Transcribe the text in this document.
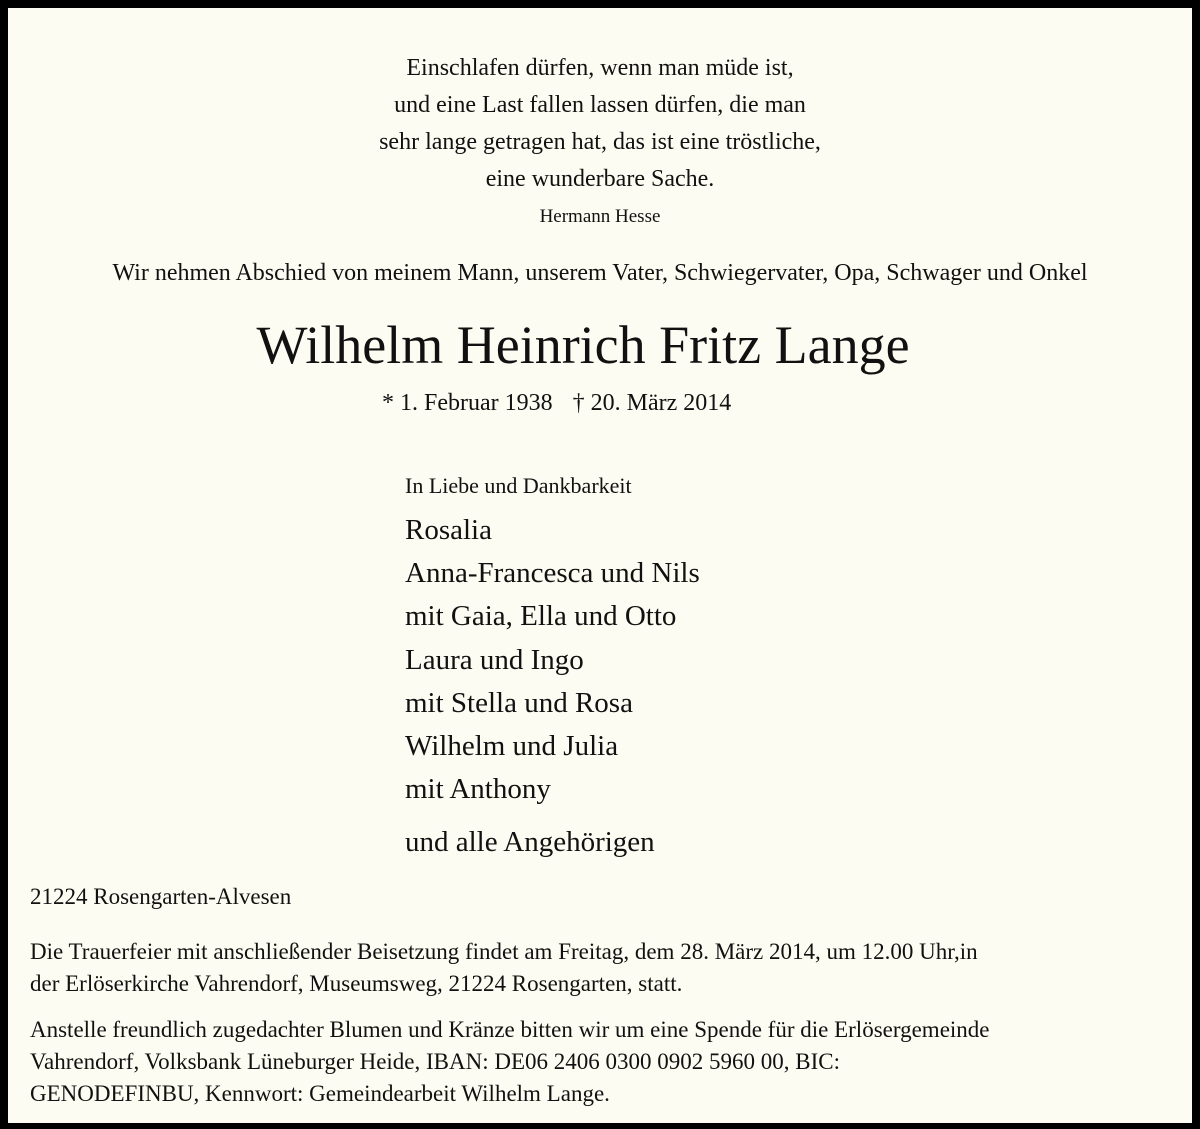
Einschlafen dürfen, wenn man müde ist,
und eine Last fallen lassen dürfen, die man
sehr lange getragen hat, das ist eine tröstliche,
eine wunderbare Sache.
Hermann Hesse
Wir nehmen Abschied von meinem Mann, unserem Vater, Schwiegervater, Opa, Schwager und Onkel
Wilhelm Heinrich Fritz Lange
* 1. Februar 1938 † 20. März 2014
In Liebe und Dankbarkeit
Rosalia
Anna-Francesca und Nils
mit Gaia, Ella und Otto
Laura und Ingo
mit Stella und Rosa
Wilhelm und Julia
mit Anthony
und alle Angehörigen
21224 Rosengarten-Alvesen
Die Trauerfeier mit anschließender Beisetzung findet am Freitag, dem 28. März 2014, um 12.00 Uhr,in
der Erlöserkirche Vahrendorf, Museumsweg, 21224 Rosengarten, statt.
Anstelle freundlich zugedachter Blumen und Kränze bitten wir um eine Spende für die Erlösergemeinde
Vahrendorf, Volksbank Lüneburger Heide, IBAN: DE06 2406 0300 0902 5960 00, BIC:
GENODEFINBU, Kennwort: Gemeindearbeit Wilhelm Lange.
